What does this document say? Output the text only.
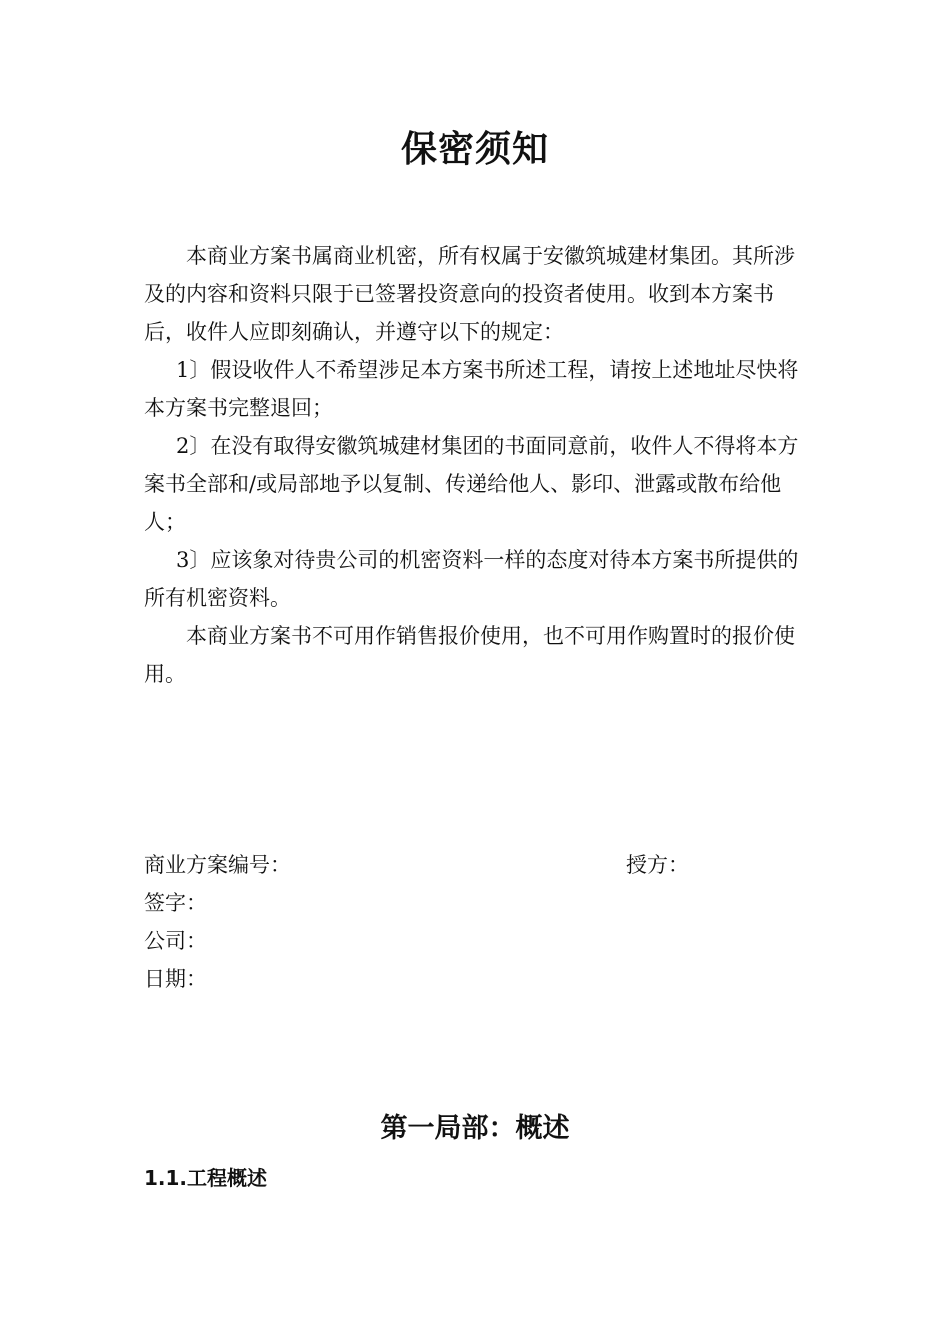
保密须知

本商业方案书属商业机密，所有权属于安徽筑城建材集团。其所涉及的内容和资料只限于已签署投资意向的投资者使用。收到本方案书后，收件人应即刻确认，并遵守以下的规定：

1〕假设收件人不希望涉足本方案书所述工程，请按上述地址尽快将本方案书完整退回；

2〕在没有取得安徽筑城建材集团的书面同意前，收件人不得将本方案书全部和/或局部地予以复制、传递给他人、影印、泄露或散布给他人；

3〕应该象对待贵公司的机密资料一样的态度对待本方案书所提供的所有机密资料。

本商业方案书不可用作销售报价使用，也不可用作购置时的报价使用。

商业方案编号：	授方：
签字：
公司：
日期：
第一局部：概述
1.1.工程概述
